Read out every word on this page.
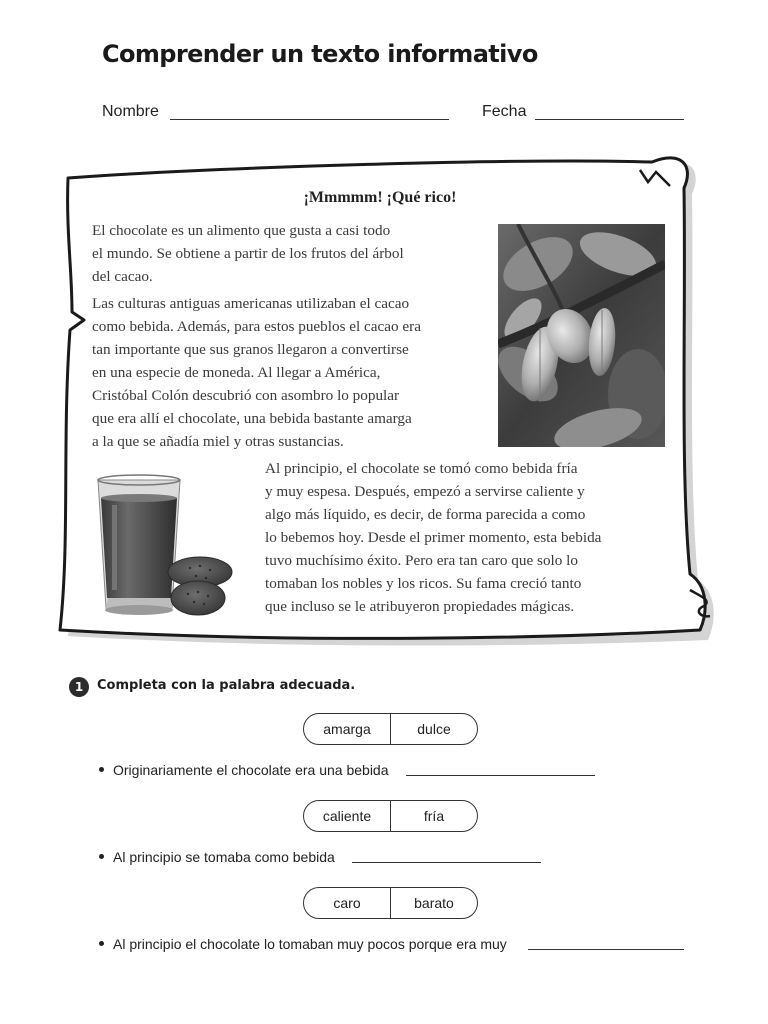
Comprender un texto informativo
Nombre	Fecha
¡Mmmmm! ¡Qué rico!

El chocolate es un alimento que gusta a casi todo
el mundo. Se obtiene a partir de los frutos del árbol
del cacao.

Las culturas antiguas americanas utilizaban el cacao
como bebida. Además, para estos pueblos el cacao era
tan importante que sus granos llegaron a convertirse
en una especie de moneda. Al llegar a América,
Cristóbal Colón descubrió con asombro lo popular
que era allí el chocolate, una bebida bastante amarga
a la que se añadía miel y otras sustancias.

Al principio, el chocolate se tomó como bebida fría
y muy espesa. Después, empezó a servirse caliente y
algo más líquido, es decir, de forma parecida a como
lo bebemos hoy. Desde el primer momento, esta bebida
tuvo muchísimo éxito. Pero era tan caro que solo lo
tomaban los nobles y los ricos. Su fama creció tanto
que incluso se le atribuyeron propiedades mágicas.

1	Completa con la palabra adecuada.
amarga	dulce
Originariamente el chocolate era una bebida
caliente	fría
Al principio se tomaba como bebida
caro	barato
Al principio el chocolate lo tomaban muy pocos porque era muy
